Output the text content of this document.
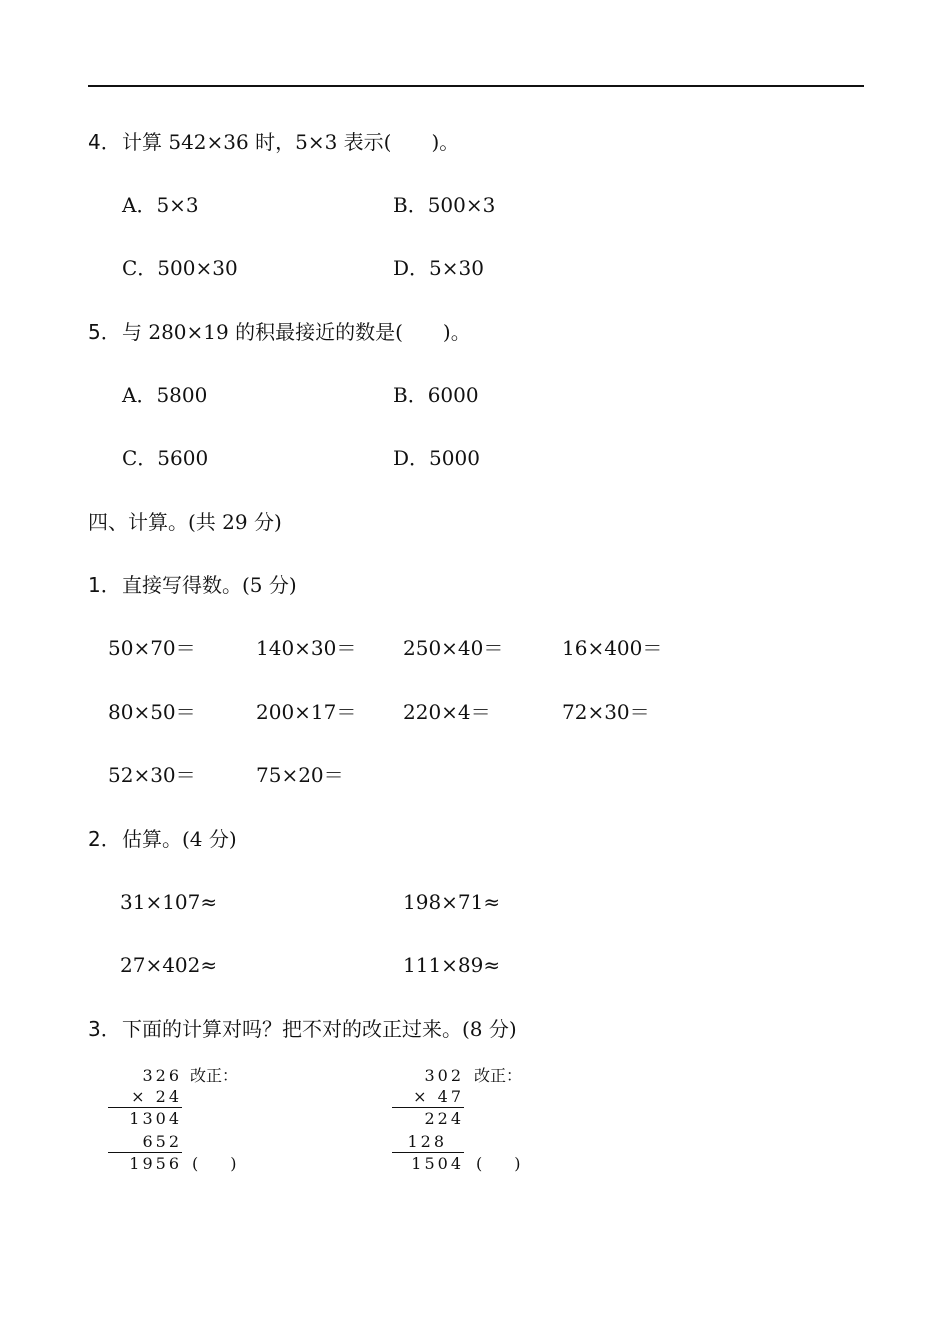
4． 计算 542×36 时，5×3 表示(　　)。
A．5×3	B．500×3
C．500×30	D．5×30
5． 与 280×19 的积最接近的数是(　　)。
A．5800	B．6000
C．5600	D．5000
四、计算。(共 29 分)
1． 直接写得数。(5 分)
50×70＝	140×30＝ 250×40＝	16×400＝
80×50＝	200×17＝ 220×4＝	72×30＝
52×30＝	75×20＝
2． 估算。(4 分)
31×107≈	198×71≈
27×402≈	111×89≈
3． 下面的计算对吗？把不对的改正过来。(8 分)
326 改正：
× 24
1304
652
1956 (　　)
302 改正：
× 47
224
128
1504 (　　)
